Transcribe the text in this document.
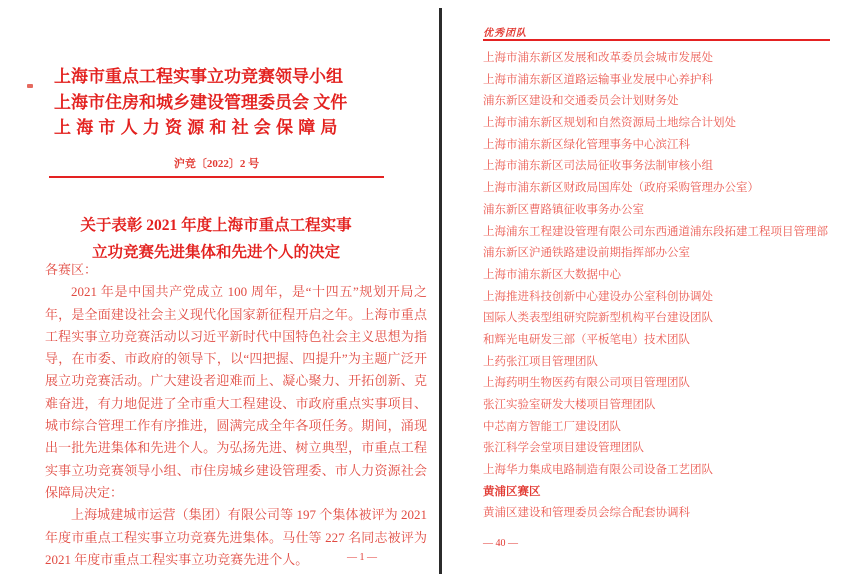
上海市重点工程实事立功竞赛领导小组
上海市住房和城乡建设管理委员会 文件
上海市人力资源和社会保障局
沪竞〔2022〕2 号
关于表彰 2021 年度上海市重点工程实事
立功竞赛先进集体和先进个人的决定

各赛区：

2021 年是中国共产党成立 100 周年，是“十四五”规划开局之年，是全面建设社会主义现代化国家新征程开启之年。上海市重点工程实事立功竞赛活动以习近平新时代中国特色社会主义思想为指导，在市委、市政府的领导下，以“四把握、四提升”为主题广泛开展立功竞赛活动。广大建设者迎难而上、凝心聚力、开拓创新、克难奋进，有力地促进了全市重大工程建设、市政府重点实事项目、城市综合管理工作有序推进，圆满完成全年各项任务。期间，涌现出一批先进集体和先进个人。为弘扬先进、树立典型，市重点工程实事立功竞赛领导小组、市住房城乡建设管理委、市人力资源社会保障局决定：

上海城建城市运营（集团）有限公司等 197 个集体被评为 2021 年度市重点工程实事立功竞赛先进集体。马仕等 227 名同志被评为 2021 年度市重点工程实事立功竞赛先进个人。	— 1 —
优秀团队
上海市浦东新区发展和改革委员会城市发展处
上海市浦东新区道路运输事业发展中心养护科
浦东新区建设和交通委员会计划财务处
上海市浦东新区规划和自然资源局土地综合计划处
上海市浦东新区绿化管理事务中心滨江科
上海市浦东新区司法局征收事务法制审核小组
上海市浦东新区财政局国库处（政府采购管理办公室）
浦东新区曹路镇征收事务办公室
上海浦东工程建设管理有限公司东西通道浦东段拓建工程项目管理部
浦东新区沪通铁路建设前期指挥部办公室
上海市浦东新区大数据中心
上海推进科技创新中心建设办公室科创协调处
国际人类表型组研究院新型机构平台建设团队
和辉光电研发三部（平板笔电）技术团队
上药张江项目管理团队
上海药明生物医药有限公司项目管理团队
张江实验室研发大楼项目管理团队
中芯南方智能工厂建设团队
张江科学会堂项目建设管理团队
上海华力集成电路制造有限公司设备工艺团队
黄浦区赛区
黄浦区建设和管理委员会综合配套协调科
— 40 —
